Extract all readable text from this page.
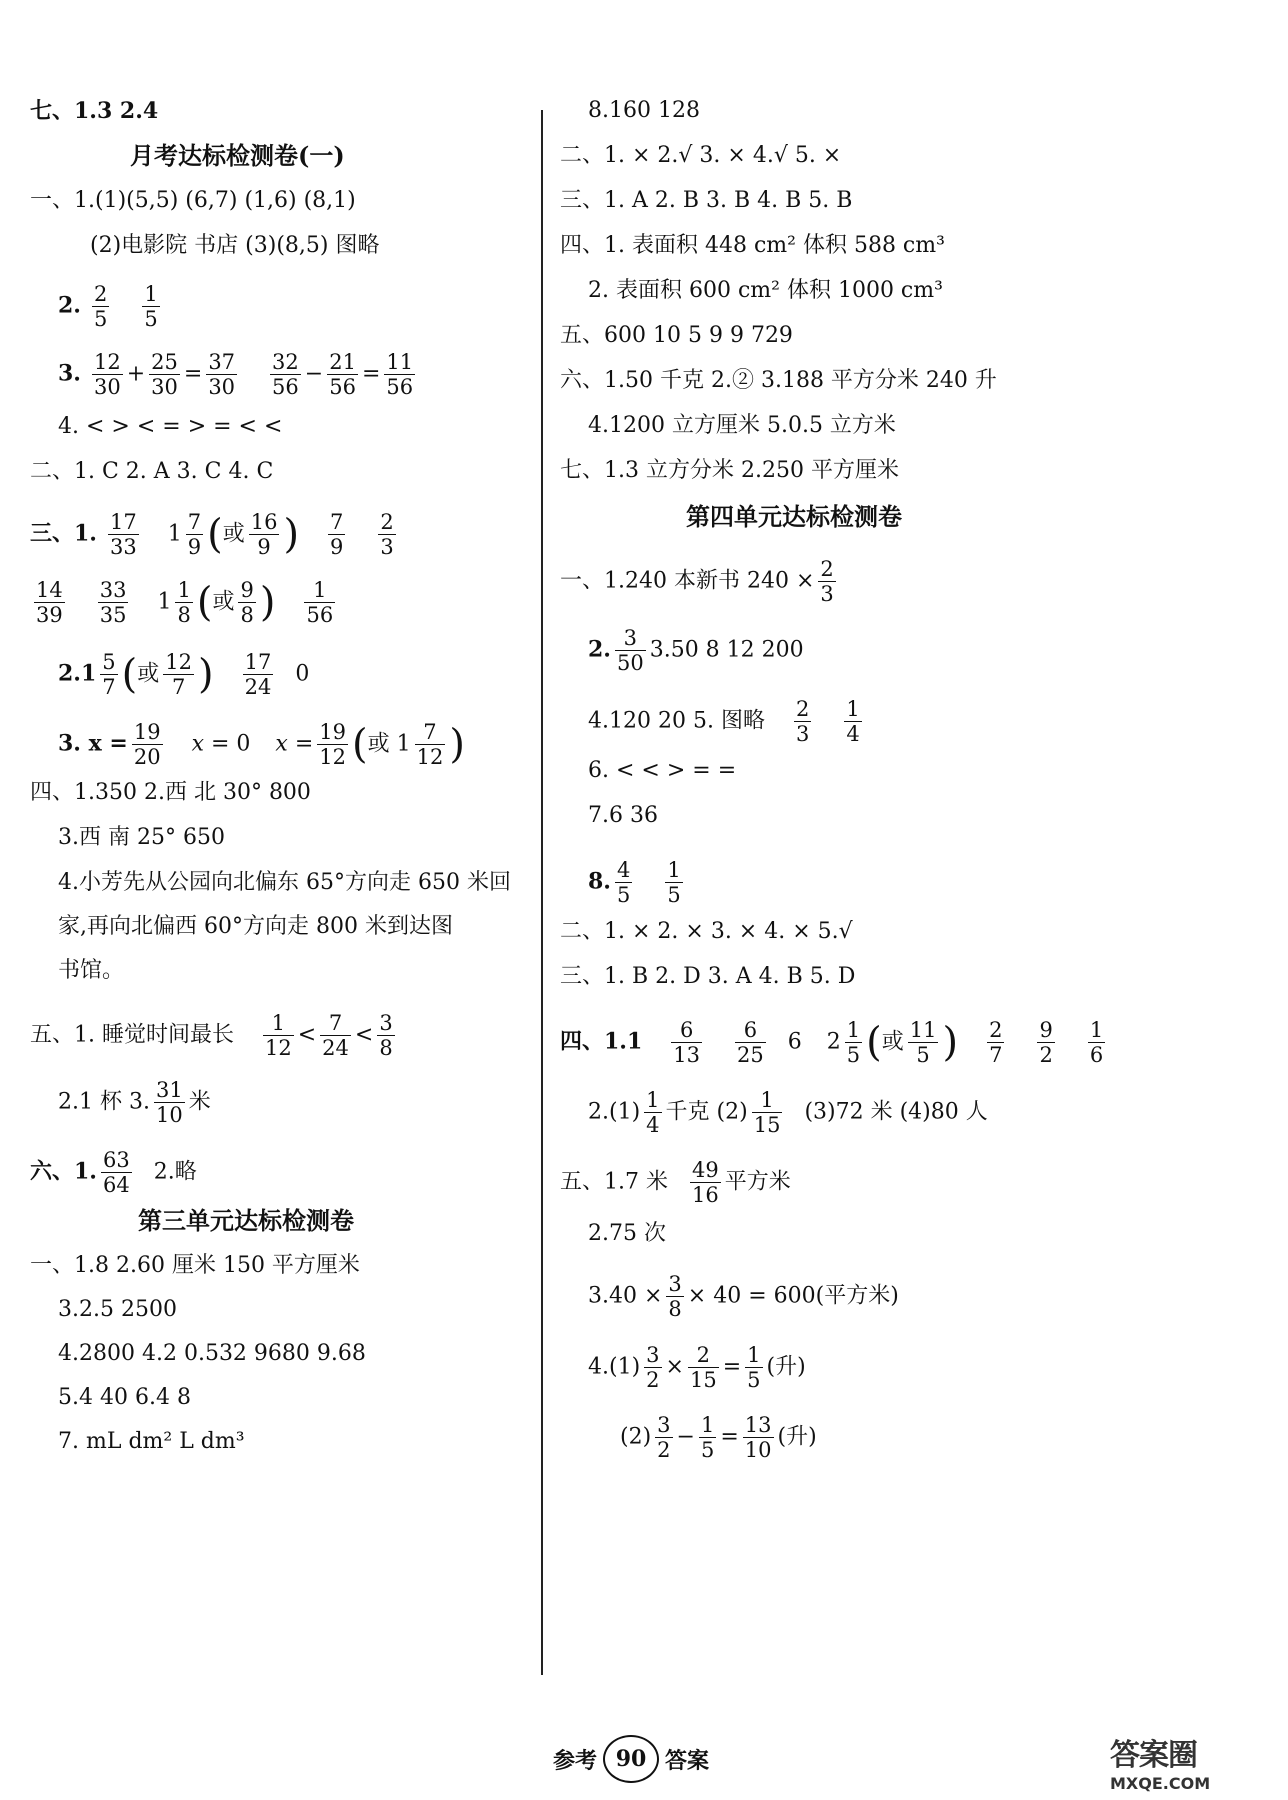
七、1.3 2.4
月考达标检测卷(一)
一、1.(1)(5,5) (6,7) (1,6) (8,1)
(2)电影院 书店 (3)(8,5) 图略
2. $\frac{2}{5}$
$\frac{1}{5}$
3. $\frac{12}{30} + \frac{25}{30} = \frac{37}{30}$
$\frac{32}{56} - \frac{21}{56} = \frac{11}{56}$
4. < > < = > = < <
二、1. C 2. A 3. C 4. C
三、1. $\frac{17}{33} 1 \frac{7}{9}$ (或 $\frac{16}{9}$ ) $\frac{7}{9}$
$\frac{2}{3}$
$\frac{14}{39}$
$\frac{33}{35} 1 \frac{1}{8}$ (或 $\frac{9}{8}$ ) $\frac{1}{56}$
$2.1 \frac{5}{7}$ (或 $\frac{12}{7}$ ) $\frac{17}{24} 0$
3. $x = \frac{19}{20}$ x = 0 $x = \frac{19}{12}$ (或 $1 \frac{7}{12}$ )
四、1.350 2.西 北 30° 800
3.西 南 25° 650
4.小芳先从公园向北偏东 65°方向走 650 米回
家,再向北偏西 60°方向走 800 米到达图
书馆。
五、1. 睡觉时间最长 $\frac{1}{12} < \frac{7}{24} < \frac{3}{8}$
2.1 杯 3. $\frac{31}{10}$ 米
六、1. $\frac{63}{64} 2$.略
第三单元达标检测卷
一、1.8 2.60 厘米 150 平方厘米
3.2.5 2500
4.2800 4.2 0.532 9680 9.68
5.4 40 6.4 8
7. mL dm² L dm³
8.160 128
二、1. × 2.√ 3. × 4.√ 5. ×
三、1. A 2. B 3. B 4. B 5. B
四、1. 表面积 448 cm² 体积 588 cm³
2. 表面积 600 cm² 体积 1000 cm³
五、600 10 5 9 9 729
六、1.50 千克 2.② 3.188 平方分米 240 升
4.1200 立方厘米 5.0.5 立方米
七、1.3 立方分米 2.250 平方厘米
第四单元达标检测卷
一、1.240 本新书 $240 \times \frac{2}{3}$
2. $\frac{3}{50} 3.50$ 8 12 200
4.120 20 5. 图略 $\frac{2}{3}$
$\frac{1}{4}$
6. < < > = =
7.6 36
8. $\frac{4}{5}$
$\frac{1}{5}$
二、1. × 2. × 3. × 4. × 5.√
三、1. B 2. D 3. A 4. B 5. D
四、$1.1 \frac{6}{13}$
$\frac{6}{25} 6$ $2 \frac{1}{5}$ (或 $\frac{11}{5}$ ) $\frac{2}{7}$
$\frac{9}{2}$
$\frac{1}{6}$
$2.(1) \frac{1}{4}$ 千克 $(2) \frac{1}{15} (3)72$ 米 (4)80 人
五、1.7 米 $\frac{49}{16}$ 平方米
2.75 次
$3.40 \times \frac{3}{8} \times 40 = 600$(平方米)
$4.(1) \frac{3}{2} \times \frac{2}{15} = \frac{1}{5}$ (升)
$(2) \frac{3}{2} - \frac{1}{5} = \frac{13}{10}$ (升)
参考 90 答案	答案圈
MXQE.COM
